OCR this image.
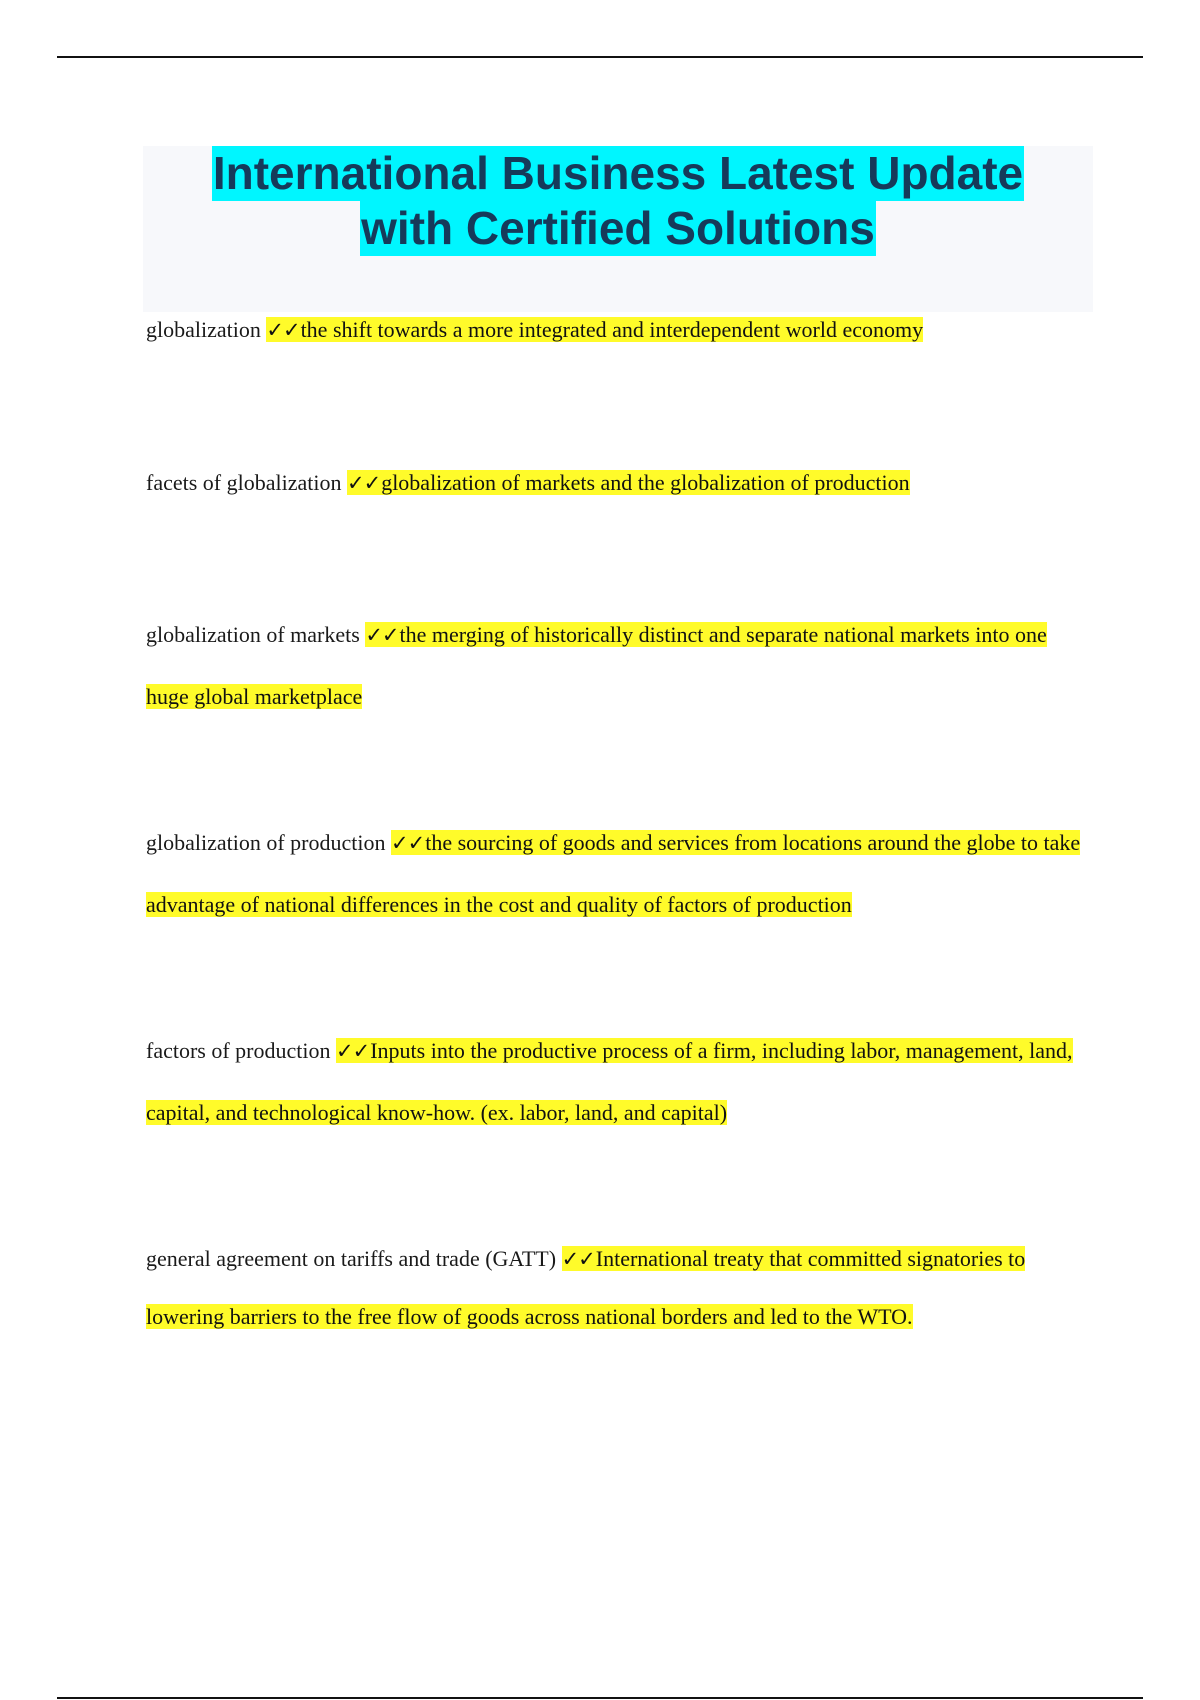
International Business Latest Update
with Certified Solutions

globalization ✓✓the shift towards a more integrated and interdependent world economy

facets of globalization ✓✓globalization of markets and the globalization of production

globalization of markets ✓✓the merging of historically distinct and separate national markets into one huge global marketplace

globalization of production ✓✓the sourcing of goods and services from locations around the globe to take advantage of national differences in the cost and quality of factors of production

factors of production ✓✓Inputs into the productive process of a firm, including labor, management, land, capital, and technological know-how. (ex. labor, land, and capital)

general agreement on tariffs and trade (GATT) ✓✓International treaty that committed signatories to lowering barriers to the free flow of goods across national borders and led to the WTO.
